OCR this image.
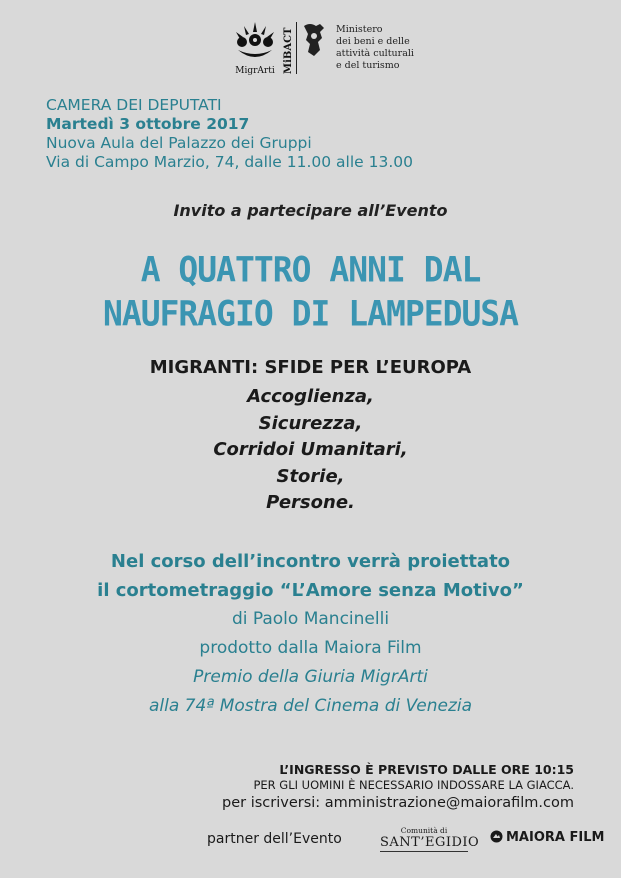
MigrArti MiBACT	Ministero
dei beni e delle
attività culturali
e del turismo
CAMERA DEI DEPUTATI
Martedì 3 ottobre 2017
Nuova Aula del Palazzo dei Gruppi
Via di Campo Marzio, 74, dalle 11.00 alle 13.00
Invito a partecipare all’Evento
A QUATTRO ANNI DAL
NAUFRAGIO DI LAMPEDUSA
MIGRANTI: SFIDE PER L’EUROPA
Accoglienza,
Sicurezza,
Corridoi Umanitari,
Storie,
Persone.
Nel corso dell’incontro verrà proiettato
il cortometraggio “L’Amore senza Motivo”
di Paolo Mancinelli
prodotto dalla Maiora Film
Premio della Giuria MigrArti
alla 74ª Mostra del Cinema di Venezia
L’INGRESSO È PREVISTO DALLE ORE 10:15
PER GLI UOMINI È NECESSARIO INDOSSARE LA GIACCA.
per iscriversi: amministrazione@maiorafilm.com
partner dell’Evento
Comunità di
SANT’EGIDIO	MAIORA FILM
